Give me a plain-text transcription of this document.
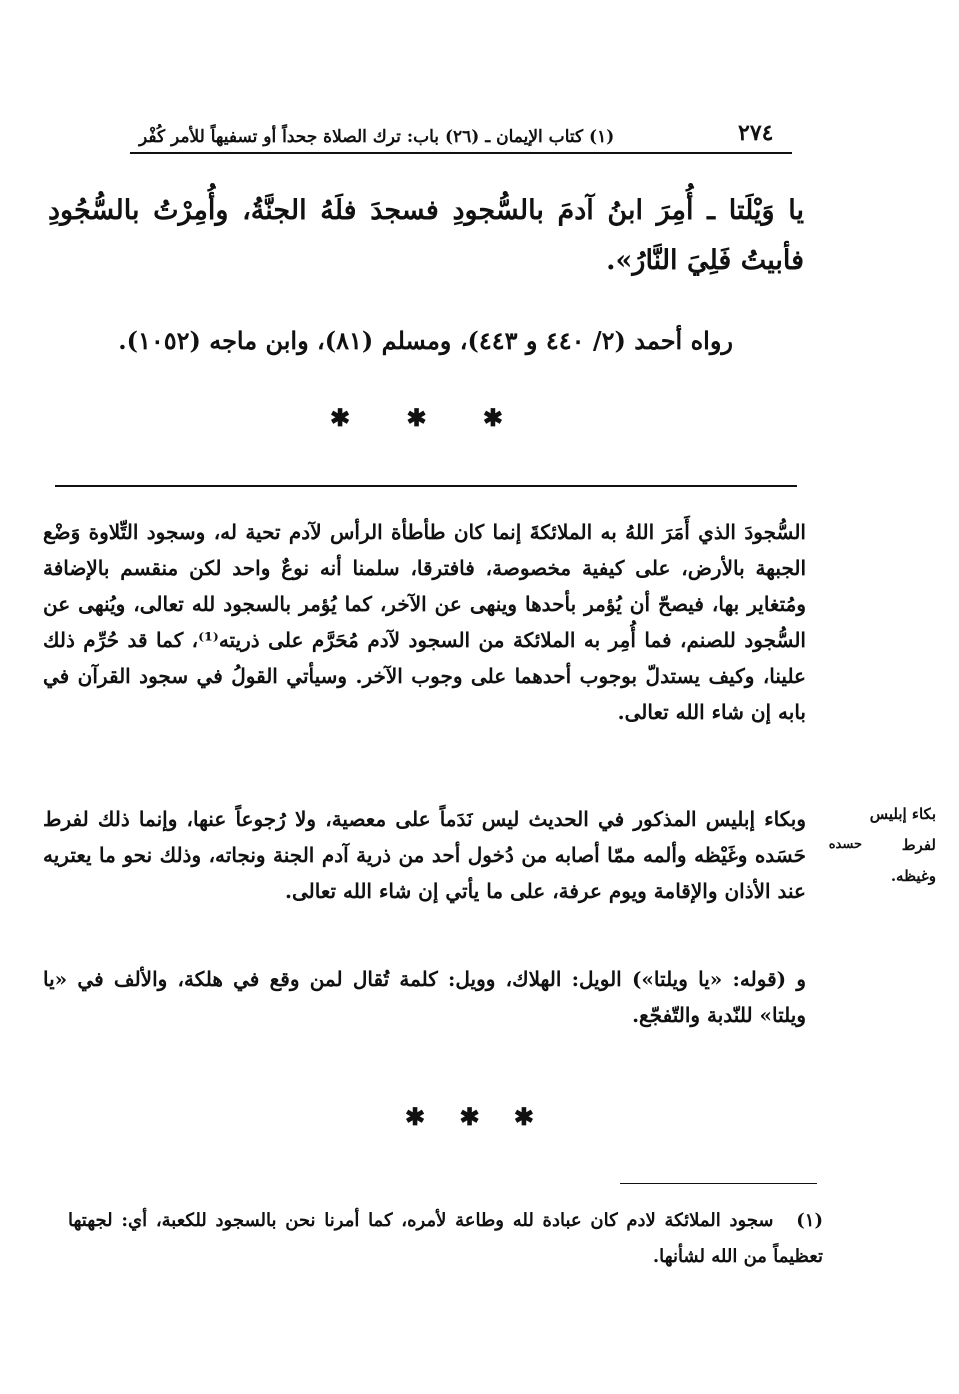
(١) كتاب الإيمان ـ (٢٦) باب: ترك الصلاة جحداً أو تسفيهاً للأمر كُفْر	٢٧٤
يا وَيْلَتا ـ أُمِرَ ابنُ آدمَ بالسُّجودِ فسجدَ فلَهُ الجنَّةُ، وأُمِرْتُ بالسُّجُودِ فأبيتُ فَلِيَ النَّارُ».
رواه أحمد (٢/ ٤٤٠ و ٤٤٣)، ومسلم (٨١)، وابن ماجه (١٠٥٢).
✱ ✱ ✱
السُّجودَ الذي أَمَرَ اللهُ به الملائكةَ إنما كان طأطأة الرأس لآدم تحية له، وسجود التِّلاوة وَضْع الجبهة بالأرض، على كيفية مخصوصة، فافترقا، سلمنا أنه نوعٌ واحد لكن منقسم بالإضافة ومُتغاير بها، فيصحّ أن يُؤمر بأحدها وينهى عن الآخر، كما يُؤمر بالسجود لله تعالى، ويُنهى عن السُّجود للصنم، فما أُمِر به الملائكة من السجود لآدم مُحَرَّم على ذريته⁽¹⁾، كما قد حُرِّم ذلك علينا، وكيف يستدلّ بوجوب أحدهما على وجوب الآخر. وسيأتي القولُ في سجود القرآن في بابه إن شاء الله تعالى.
وبكاء إبليس المذكور في الحديث ليس نَدَماً على معصية، ولا رُجوعاً عنها، وإنما ذلك لفرط حَسَده وغَيْظه وألمه ممّا أصابه من دُخول أحد من ذرية آدم الجنة ونجاته، وذلك نحو ما يعتريه عند الأذان والإقامة ويوم عرفة، على ما يأتي إن شاء الله تعالى.
و (قوله: «يا ويلتا») الويل: الهلاك، وويل: كلمة تُقال لمن وقع في هلكة، والألف في «يا ويلتا» للنّدبة والتّفجّع.
بكاء إبليس
لفرط
حسده
وغيظه.
✱ ✱ ✱
(١) سجود الملائكة لادم كان عبادة لله وطاعة لأمره، كما أمرنا نحن بالسجود للكعبة، أي: لجهتها تعظيماً من الله لشأنها.
